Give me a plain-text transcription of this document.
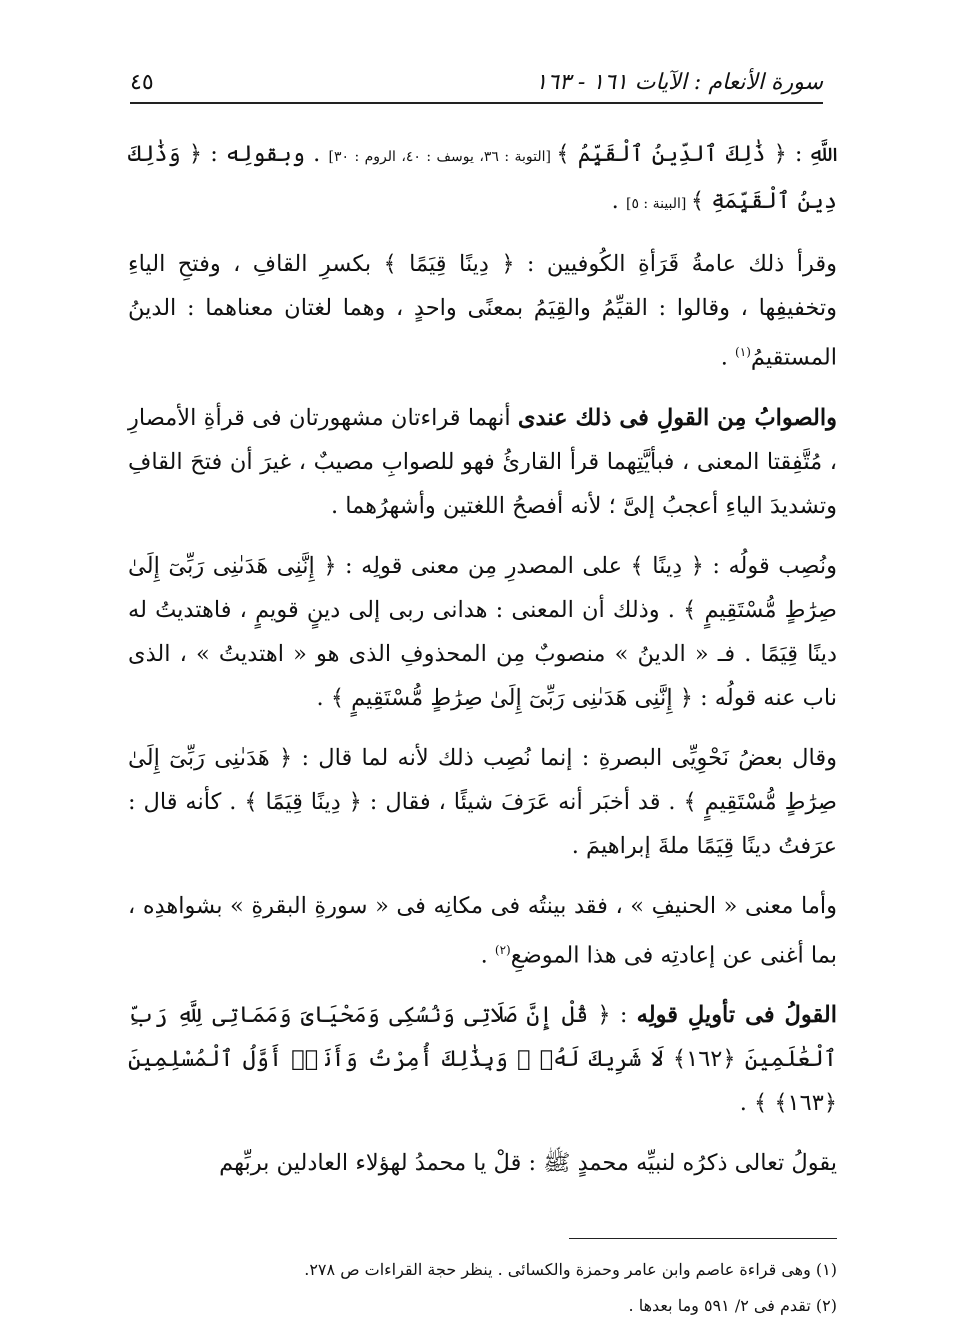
٤٥	سورة الأنعام : الآيات ١٦١ - ١٦٣

اللَّهِ : ﴿ ذَٰلِكَ ٱلدِّينُ ٱلْقَيِّمُ ﴾ [التوبة : ٣٦، يوسف : ٤٠، الروم : ٣٠] . وبقولِه : ﴿ وَذَٰلِكَ دِينُ ٱلْقَيِّمَةِ ﴾ [البينة : ٥] .

وقرأ ذلك عامةُ قَرَأةِ الكُوفيين : ﴿ دِينًا قِيَمًا ﴾ بكسرِ القافِ ، وفتحِ الياءِ وتخفيفِها ، وقالوا : القيِّمُ والقِيَمُ بمعنًى واحدٍ ، وهما لغتان معناهما : الدينُ المستقيمُ$^{(١)}$ .

والصوابُ مِن القولِ فى ذلك عندى أنهما قراءتان مشهورتان فى قرأةِ الأمصارِ ، مُتَّفِقتا المعنى ، فبأيَّتِهما قرأ القارئُ فهو للصوابِ مصيبٌ ، غيرَ أن فتحَ القافِ وتشديدَ الياءِ أعجبُ إلىَّ ؛ لأنه أفصحُ اللغتين وأشهرُهما .

ونُصِب قولُه : ﴿ دِينًا ﴾ على المصدرِ مِن معنى قولِه : ﴿ إِنَّنِى هَدَىٰنِى رَبِّىٓ إِلَىٰ صِرَٰطٍ مُّسْتَقِيمٍ ﴾ . وذلك أن المعنى : هدانى ربى إلى دينٍ قويمٍ ، فاهتديتُ له دينًا قِيَمًا . فـ « الدينُ » منصوبٌ مِن المحذوفِ الذى هو « اهتديتُ » ، الذى ناب عنه قولُه : ﴿ إِنَّنِى هَدَىٰنِى رَبِّىٓ إِلَىٰ صِرَٰطٍ مُّسْتَقِيمٍ ﴾ .

وقال بعضُ نَحْوِيِّى البصرةِ : إنما نُصِب ذلك لأنه لما قال : ﴿ هَدَىٰنِى رَبِّىٓ إِلَىٰ صِرَٰطٍ مُّسْتَقِيمٍ ﴾ . قد أخبَر أنه عَرَفَ شيئًا ، فقال : ﴿ دِينًا قِيَمًا ﴾ . كأنه قال : عرَفتُ دينًا قِيَمًا ملةَ إبراهيمَ .

وأما معنى « الحنيفِ » ، فقد بينتُه فى مكانِه فى « سورةِ البقرةِ » بشواهدِه ، بما أغنى عن إعادتِه فى هذا الموضعِ$^{(٢)}$ .

القولُ فى تأويلِ قولِه : ﴿ قُلْ إِنَّ صَلَاتِى وَنُسُكِى وَمَحْيَاىَ وَمَمَاتِى لِلَّهِ رَبِّ ٱلْعَٰلَمِينَ ﴿١٦٢﴾ لَا شَرِيكَ لَهُۥ ۖ وَبِذَٰلِكَ أُمِرْتُ وَأَنَا۠ أَوَّلُ ٱلْمُسْلِمِينَ ﴿١٦٣﴾ ﴾ .

يقولُ تعالى ذكرُه لنبيِّه محمدٍ ﷺ : قلْ يا محمدُ لهؤلاء العادلين بربِّهم

(١) وهى قراءة عاصم وابن عامر وحمزة والكسائى . ينظر حجة القراءات ص ٢٧٨.
(٢) تقدم فى ٢/ ٥٩١ وما بعدها .
